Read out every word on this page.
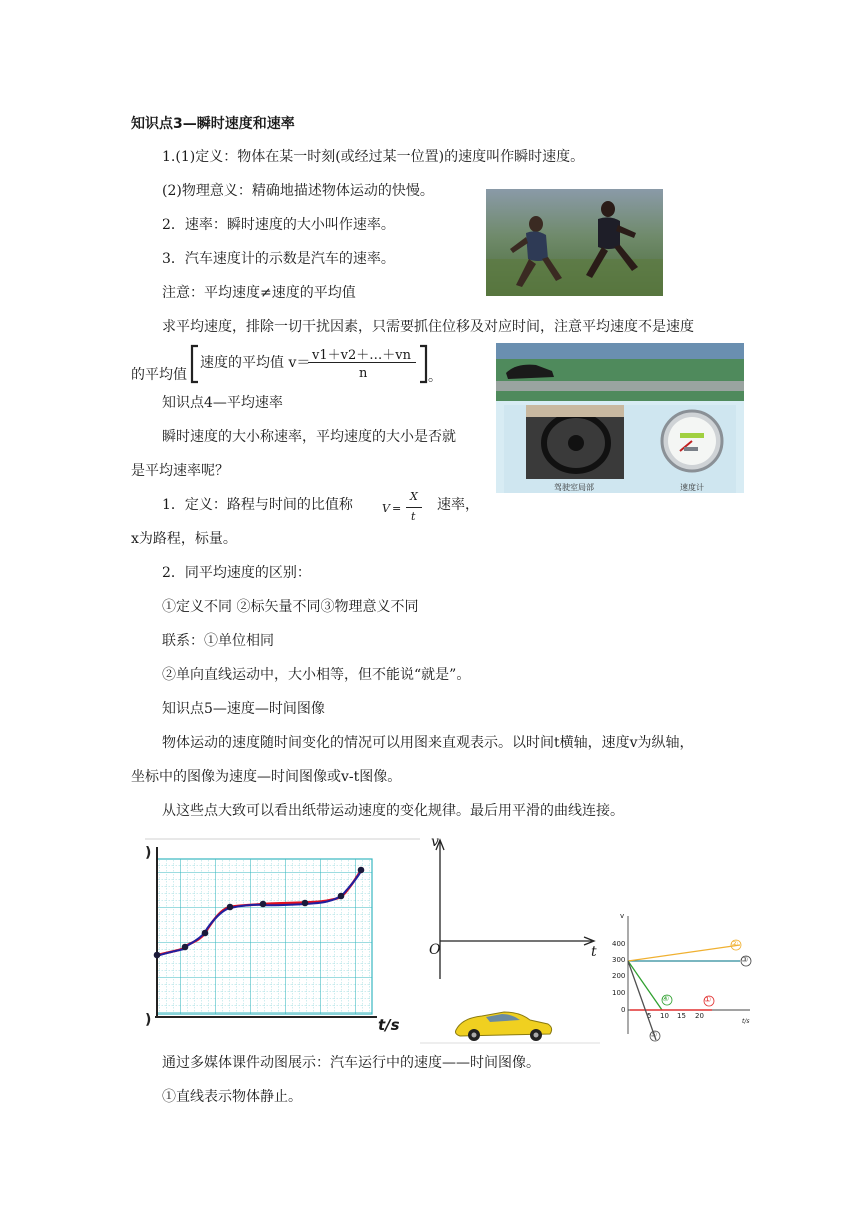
知识点3—瞬时速度和速率
1.(1)定义：物体在某一时刻(或经过某一位置)的速度叫作瞬时速度。
(2)物理意义：精确地描述物体运动的快慢。
2．速率：瞬时速度的大小叫作速率。
3．汽车速度计的示数是汽车的速率。
注意：平均速度≠速度的平均值
求平均速度，排除一切干扰因素，只需要抓住位移及对应时间，注意平均速度不是速度
的平均值
速度的平均值 v＝ v1＋v2＋…＋vn
n	。
知识点4—平均速率
瞬时速度的大小称速率，平均速度的大小是否就
是平均速率呢？
1．定义：路程与时间的比值称	V =
X
t
速率，
x为路程，标量。
2．同平均速度的区别：
①定义不同 ②标矢量不同③物理意义不同
联系：①单位相同
②单向直线运动中，大小相等，但不能说“就是”。
知识点5—速度—时间图像
物体运动的速度随时间变化的情况可以用图来直观表示。以时间t横轴，速度v为纵轴，
坐标中的图像为速度—时间图像或v-t图像。
从这些点大致可以看出纸带运动速度的变化规律。最后用平滑的曲线连接。
通过多媒体课件动图展示：汽车运行中的速度——时间图像。
①直线表示物体静止。
驾驶室局部	速度计
)
)	t/s
v
O	t
v
400
300
200
100
0
5 10 15 20
t/s
②
③
④	①
⑤
